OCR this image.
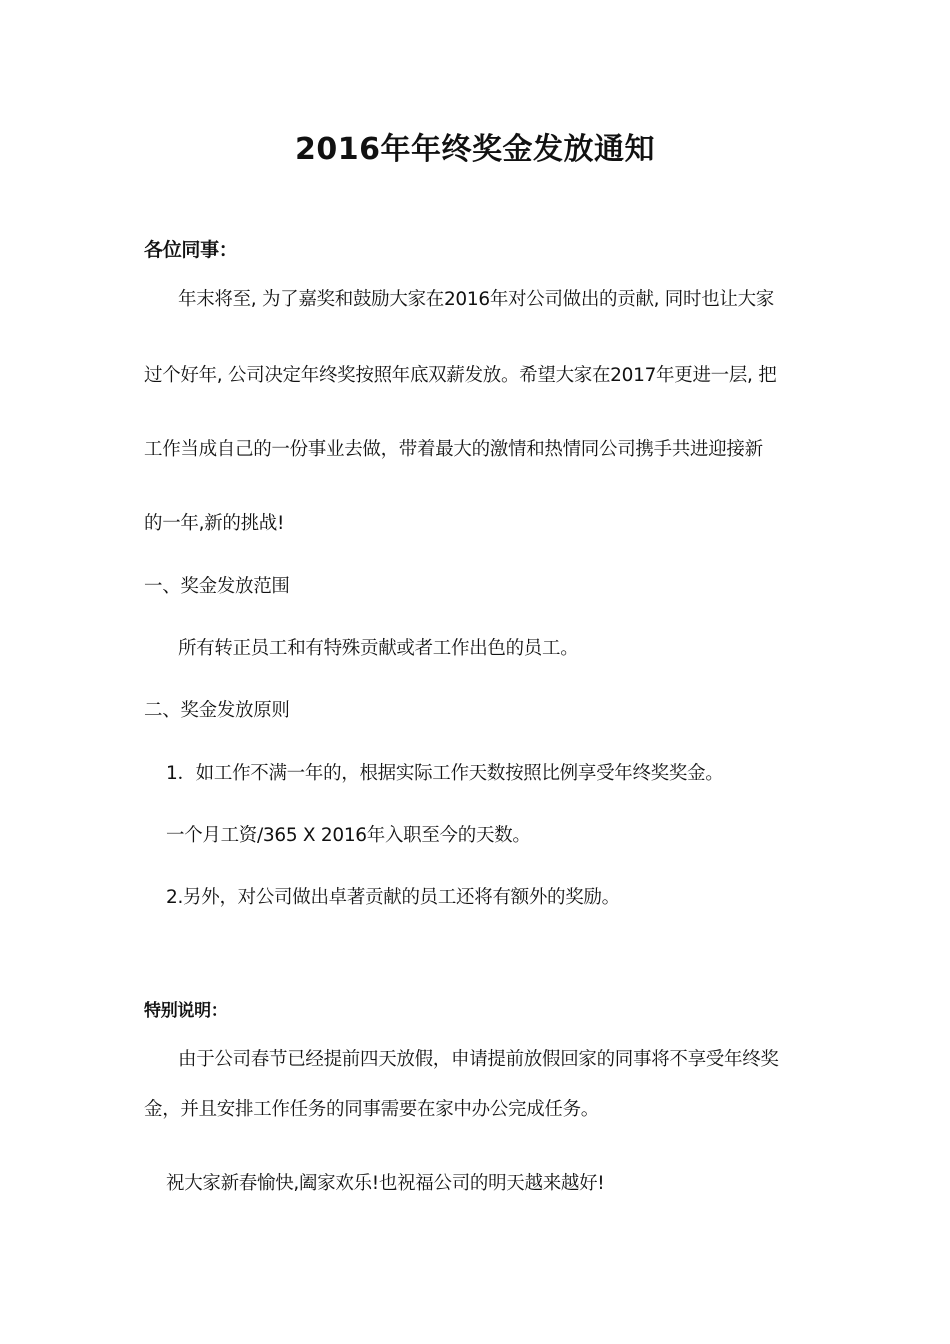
2016年年终奖金发放通知
各位同事：
年末将至, 为了嘉奖和鼓励大家在2016年对公司做出的贡献, 同时也让大家
过个好年, 公司决定年终奖按照年底双薪发放。希望大家在2017年更进一层, 把
工作当成自己的一份事业去做，带着最大的激情和热情同公司携手共进迎接新
的一年,新的挑战!
一、奖金发放范围
所有转正员工和有特殊贡献或者工作出色的员工。
二、奖金发放原则
1．如工作不满一年的，根据实际工作天数按照比例享受年终奖奖金。
一个月工资/365 X 2016年入职至今的天数。
2.另外，对公司做出卓著贡献的员工还将有额外的奖励。
特别说明：
由于公司春节已经提前四天放假，申请提前放假回家的同事将不享受年终奖
金，并且安排工作任务的同事需要在家中办公完成任务。
祝大家新春愉快,阖家欢乐!也祝福公司的明天越来越好!
